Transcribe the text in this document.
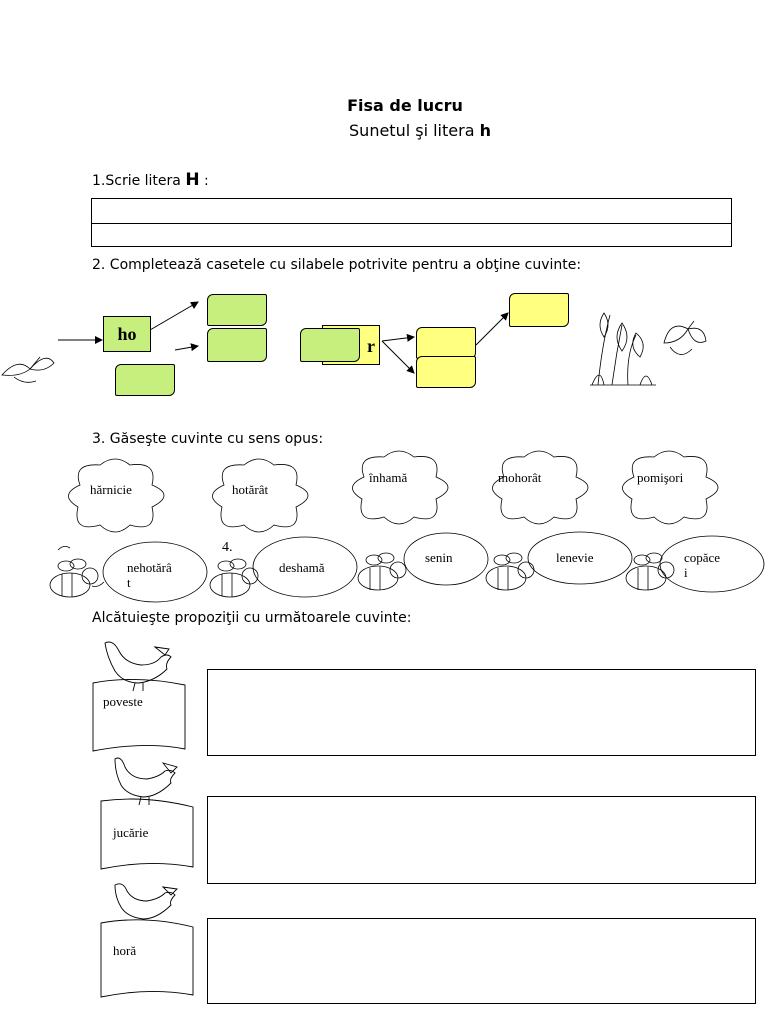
Fisa de lucru
Sunetul şi litera h
1.Scrie litera H :
2. Completează casetele cu silabele potrivite pentru a obţine cuvinte:
ho
r
3. Găseşte cuvinte cu sens opus:
hărnicie	hotărât
înhamă	mohorât	pomişori
nehotărâ
t
4.
deshamă
senin	lenevie	copăce
i
Alcătuieşte propoziţii cu următoarele cuvinte:
poveste
jucărie
horă
